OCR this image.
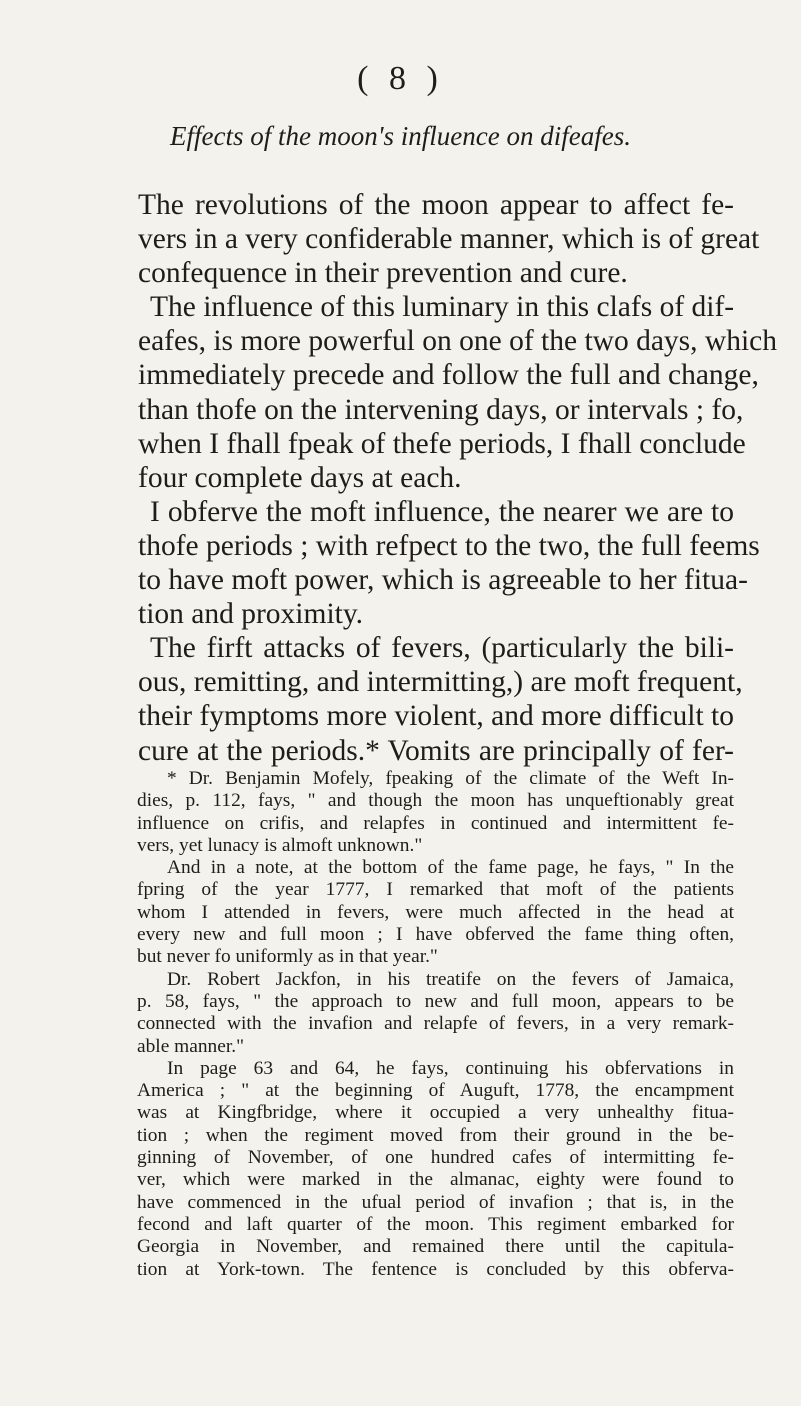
( 8 )
Effects of the moon's influence on difeafes.
The revolutions of the moon appear to affect fe-
vers in a very confiderable manner, which is of great
confequence in their prevention and cure.
The influence of this luminary in this clafs of dif-
eafes, is more powerful on one of the two days, which
immediately precede and follow the full and change,
than thofe on the intervening days, or intervals ; fo,
when I fhall fpeak of thefe periods, I fhall conclude
four complete days at each.
I obferve the moft influence, the nearer we are to
thofe periods ; with refpect to the two, the full feems
to have moft power, which is agreeable to her fitua-
tion and proximity.
The firft attacks of fevers, (particularly the bili-
ous, remitting, and intermitting,) are moft frequent,
their fymptoms more violent, and more difficult to
cure at the periods.* Vomits are principally of fer-
* Dr. Benjamin Mofely, fpeaking of the climate of the Weft In-
dies, p. 112, fays, " and though the moon has unqueftionably great
influence on crifis, and relapfes in continued and intermittent fe-
vers, yet lunacy is almoft unknown."
And in a note, at the bottom of the fame page, he fays, " In the
fpring of the year 1777, I remarked that moft of the patients
whom I attended in fevers, were much affected in the head at
every new and full moon ; I have obferved the fame thing often,
but never fo uniformly as in that year."
Dr. Robert Jackfon, in his treatife on the fevers of Jamaica,
p. 58, fays, " the approach to new and full moon, appears to be
connected with the invafion and relapfe of fevers, in a very remark-
able manner."
In page 63 and 64, he fays, continuing his obfervations in
America ; " at the beginning of Auguft, 1778, the encampment
was at Kingfbridge, where it occupied a very unhealthy fitua-
tion ; when the regiment moved from their ground in the be-
ginning of November, of one hundred cafes of intermitting fe-
ver, which were marked in the almanac, eighty were found to
have commenced in the ufual period of invafion ; that is, in the
fecond and laft quarter of the moon. This regiment embarked for
Georgia in November, and remained there until the capitula-
tion at York-town. The fentence is concluded by this obferva-
